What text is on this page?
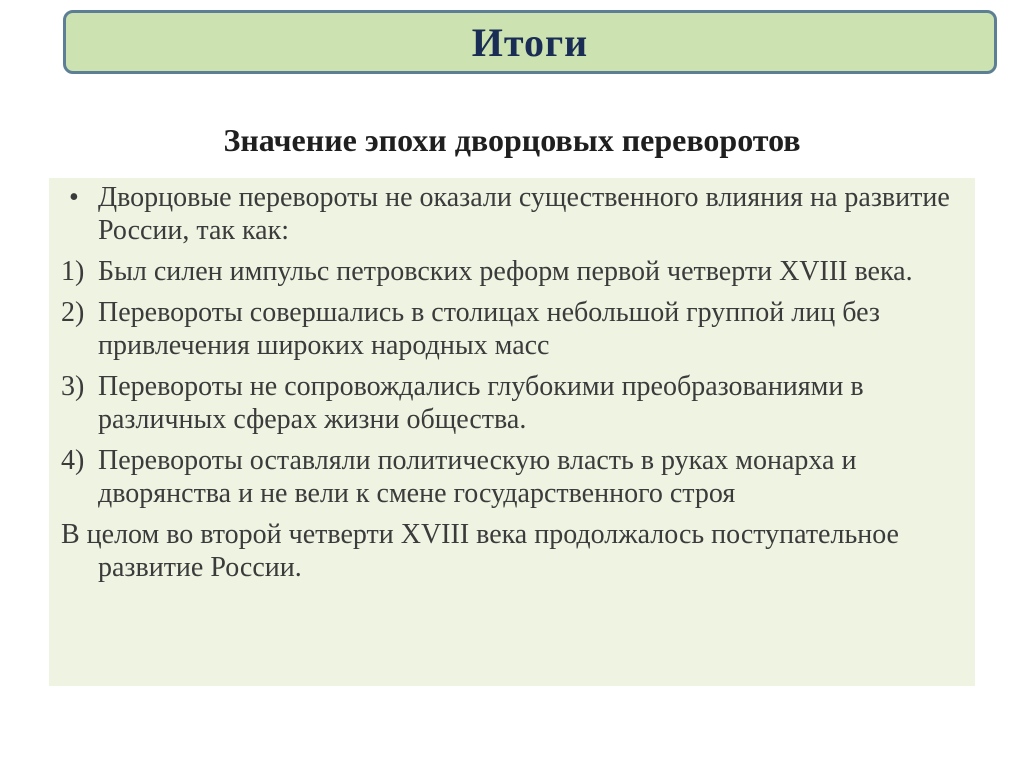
Итоги
Значение эпохи дворцовых переворотов
• Дворцовые перевороты не оказали существенного влияния на развитие России, так как:
1) Был силен импульс петровских реформ первой четверти XVIII века.
2) Перевороты совершались в столицах небольшой группой лиц без привлечения широких народных масс
3) Перевороты не сопровождались глубокими преобразованиями в различных сферах жизни общества.
4) Перевороты оставляли политическую власть в руках монарха и дворянства и не вели к смене государственного строя
В целом во второй четверти XVIII века продолжалось поступательное развитие России.
